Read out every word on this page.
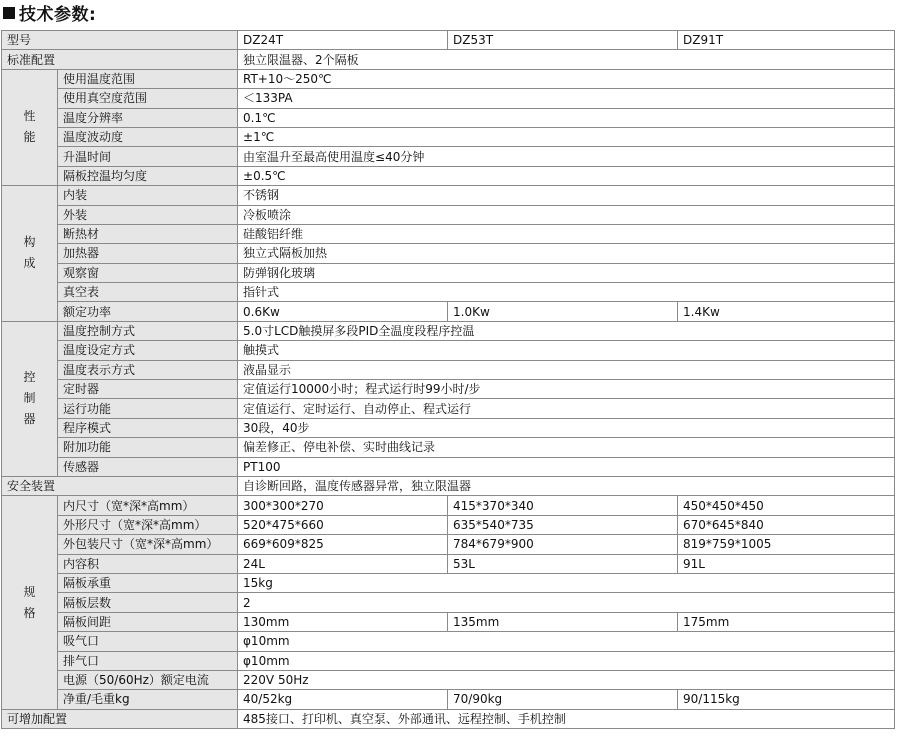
技术参数:
型号		DZ24T	DZ53T	DZ91T
标准配置		独立限温器、2个隔板		
性能	使用温度范围	RT+10～250℃		
	使用真空度范围	＜133PA		
	温度分辨率	0.1℃		
	温度波动度	±1℃		
	升温时间	由室温升至最高使用温度≤40分钟		
	隔板控温均匀度	±0.5℃		
构成	内装	不锈钢		
	外装	冷板喷涂		
	断热材	硅酸铝纤维		
	加热器	独立式隔板加热		
	观察窗	防弹钢化玻璃		
	真空表	指针式		
	额定功率	0.6Kw	1.0Kw	1.4Kw
控制器	温度控制方式	5.0寸LCD触摸屏多段PID全温度段程序控温		
	温度设定方式	触摸式		
	温度表示方式	液晶显示		
	定时器	定值运行10000小时；程式运行时99小时/步		
	运行功能	定值运行、定时运行、自动停止、程式运行		
	程序模式	30段，40步		
	附加功能	偏差修正、停电补偿、实时曲线记录		
	传感器	PT100		
安全装置		自诊断回路，温度传感器异常，独立限温器		
规格	内尺寸（宽*深*高mm）	300*300*270	415*370*340	450*450*450
	外形尺寸（宽*深*高mm）	520*475*660	635*540*735	670*645*840
	外包装尺寸（宽*深*高mm）	669*609*825	784*679*900	819*759*1005
	内容积	24L	53L	91L
	隔板承重	15kg		
	隔板层数	2		
	隔板间距	130mm	135mm	175mm
	吸气口	φ10mm		
	排气口	φ10mm		
	电源（50/60Hz）额定电流	220V 50Hz		
	净重/毛重kg	40/52kg	70/90kg	90/115kg
可增加配置		485接口、打印机、真空泵、外部通讯、远程控制、手机控制		
